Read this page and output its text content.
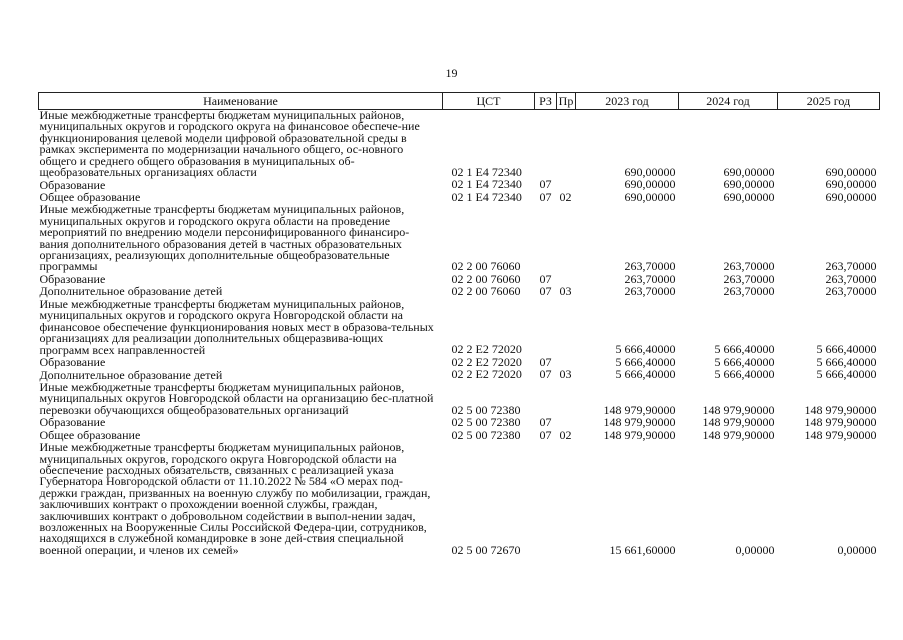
19
Наименование	ЦСТ	РЗ	Пр	2023 год	2024 год	2025 год
Иные межбюджетные трансферты бюджетам муниципальных районов, муниципальных округов и городского округа на финансовое обеспече-ние функционирования целевой модели цифровой образовательной среды в рамках эксперимента по модернизации начального общего, ос-новного общего и среднего общего образования в муниципальных об-щеобразовательных организациях области	02 1 E4 72340			690,00000	690,00000	690,00000
Образование	02 1 E4 72340	07		690,00000	690,00000	690,00000
Общее образование	02 1 E4 72340	07	02	690,00000	690,00000	690,00000
Иные межбюджетные трансферты бюджетам муниципальных районов, муниципальных округов и городского округа области на проведение мероприятий по внедрению модели персонифицированного финансиро-вания дополнительного образования детей в частных образовательных организациях, реализующих дополнительные общеобразовательные программы	02 2 00 76060			263,70000	263,70000	263,70000
Образование	02 2 00 76060	07		263,70000	263,70000	263,70000
Дополнительное образование детей	02 2 00 76060	07	03	263,70000	263,70000	263,70000
Иные межбюджетные трансферты бюджетам муниципальных районов, муниципальных округов и городского округа Новгородской области на финансовое обеспечение функционирования новых мест в образова-тельных организациях для реализации дополнительных общеразвива-ющих программ всех направленностей	02 2 E2 72020			5 666,40000	5 666,40000	5 666,40000
Образование	02 2 E2 72020	07		5 666,40000	5 666,40000	5 666,40000
Дополнительное образование детей	02 2 E2 72020	07	03	5 666,40000	5 666,40000	5 666,40000
Иные межбюджетные трансферты бюджетам муниципальных районов, муниципальных округов Новгородской области на организацию бес-платной перевозки обучающихся общеобразовательных организаций	02 5 00 72380			148 979,90000	148 979,90000	148 979,90000
Образование	02 5 00 72380	07		148 979,90000	148 979,90000	148 979,90000
Общее образование	02 5 00 72380	07	02	148 979,90000	148 979,90000	148 979,90000
Иные межбюджетные трансферты бюджетам муниципальных районов, муниципальных округов, городского округа Новгородской области на обеспечение расходных обязательств, связанных с реализацией указа Губернатора Новгородской области от 11.10.2022 № 584 «О мерах под-держки граждан, призванных на военную службу по мобилизации, граждан, заключивших контракт о прохождении военной службы, граждан, заключивших контракт о добровольном содействии в выпол-нении задач, возложенных на Вооруженные Силы Российской Федера-ции, сотрудников, находящихся в служебной командировке в зоне дей-ствия специальной военной операции, и членов их семей»	02 5 00 72670			15 661,60000	0,00000	0,00000
